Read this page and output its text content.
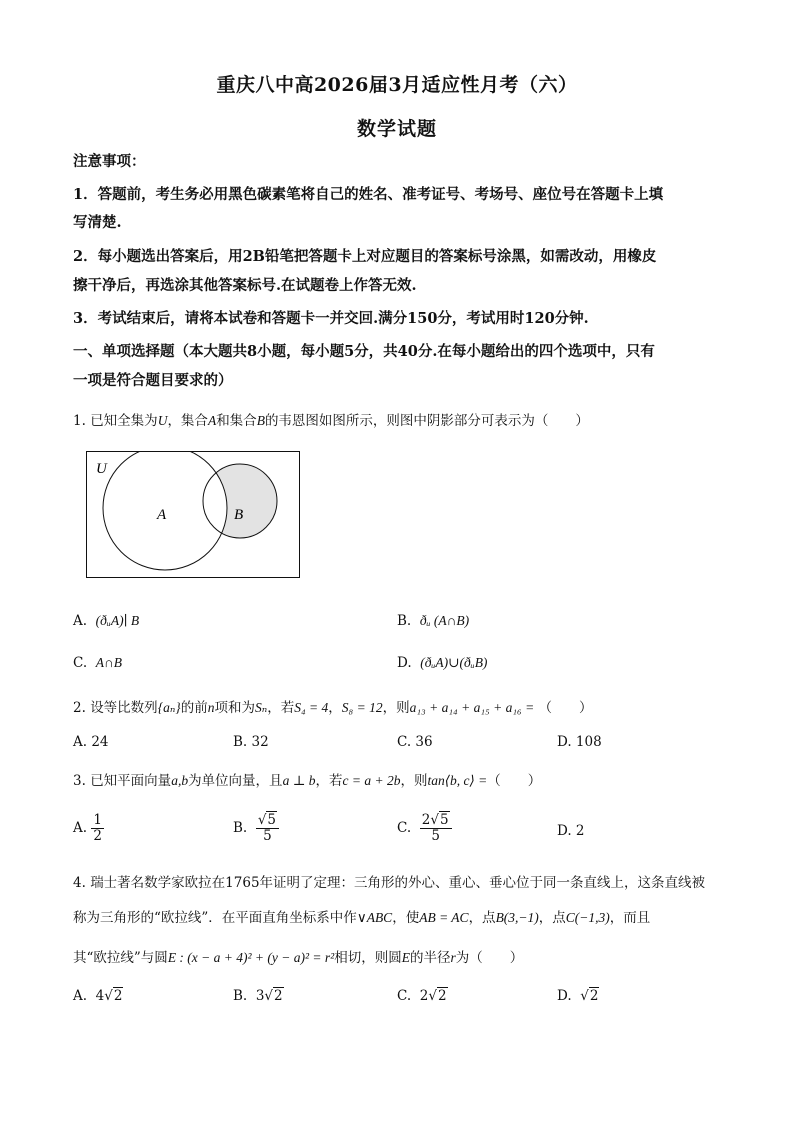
重庆八中高2026届3月适应性月考（六）
数学试题
注意事项：
1．答题前，考生务必用黑色碳素笔将自己的姓名、准考证号、考场号、座位号在答题卡上填
写清楚.
2．每小题选出答案后，用2B铅笔把答题卡上对应题目的答案标号涂黑，如需改动，用橡皮
擦干净后，再选涂其他答案标号.在试题卷上作答无效.
3．考试结束后，请将本试卷和答题卡一并交回.满分150分，考试用时120分钟.
一、单项选择题（本大题共8小题，每小题5分，共40分.在每小题给出的四个选项中，只有
一项是符合题目要求的）
1. 已知全集为U，集合A和集合B的韦恩图如图所示，则图中阴影部分可表示为（　　）
U
A	B
A. (ðᵤA)∣ B	B. ðᵤ (A∩B)
C. A∩B	D. (ðᵤA)∪(ðᵤB)
2. 设等比数列{aₙ}的前n项和为Sₙ，若S₄ = 4，S₈ = 12，则a₁₃ + a₁₄ + a₁₅ + a₁₆ = （　　）
A. 24	B. 32	C. 36	D. 108
3. 已知平面向量a,b为单位向量，且a ⊥ b，若c = a + 2b，则tan⟨b, c⟩ =（　　）
A. $\frac{1}{2}$	B. $\frac{√5}{5}$	C. $\frac{2√5}{5}$	D. 2
4. 瑞士著名数学家欧拉在1765年证明了定理：三角形的外心、重心、垂心位于同一条直线上，这条直线被
称为三角形的“欧拉线”．在平面直角坐标系中作∨ABC，使AB = AC，点B(3,−1)，点C(−1,3)，而且
其“欧拉线”与圆E : (x − a + 4)² + (y − a)² = r²相切，则圆E的半径r为（　　）
A. 4√2	B. 3√2	C. 2√2	D.  √2
